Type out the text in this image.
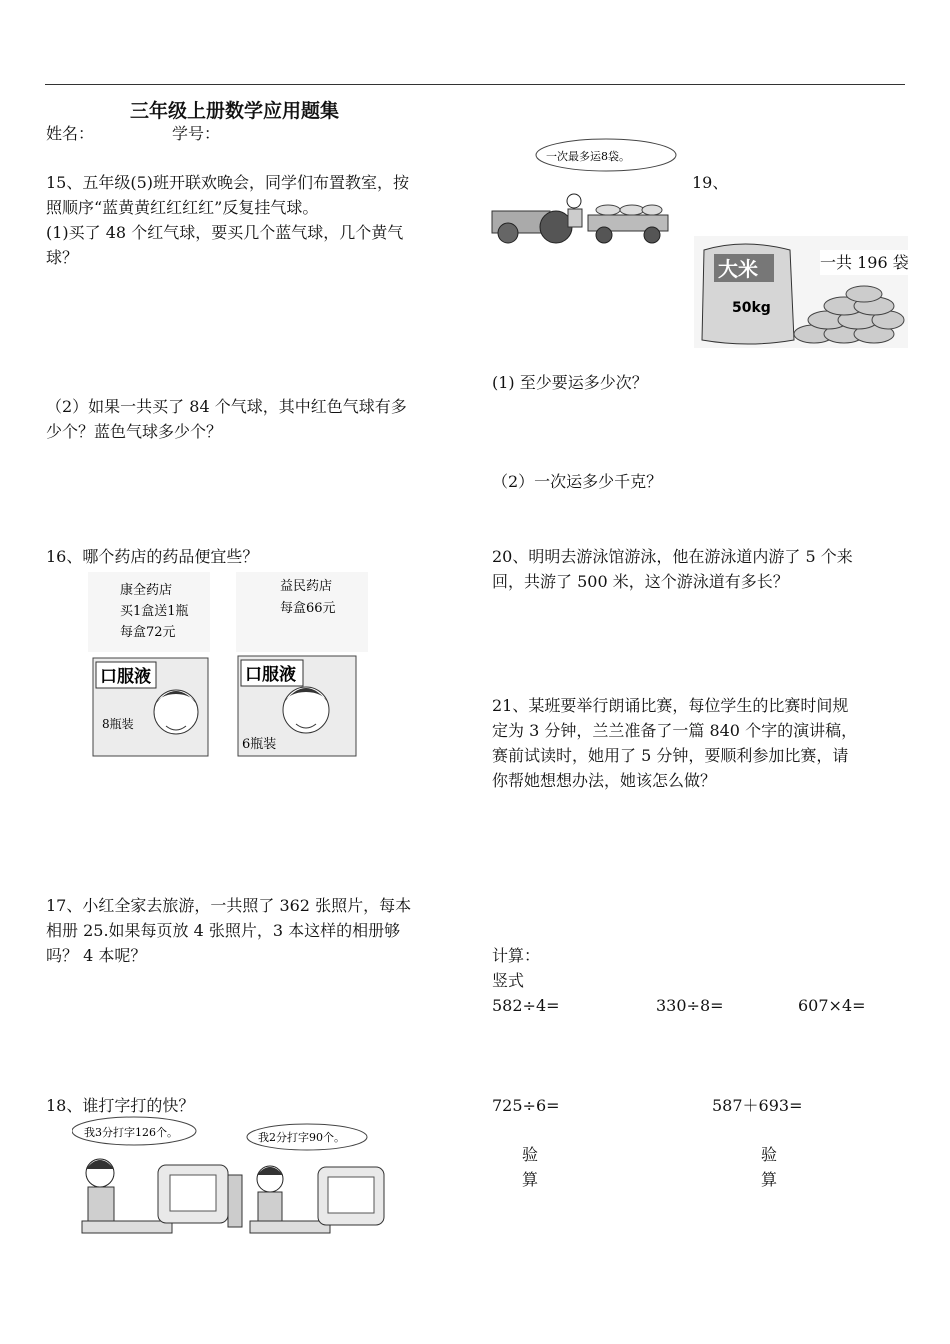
三年级上册数学应用题集
姓名：	学号：
15、五年级(5)班开联欢晚会，同学们布置教室，按
照顺序“蓝黄黄红红红红”反复挂气球。
(1)买了 48 个红气球，要买几个蓝气球，几个黄气
球？
（2）如果一共买了 84 个气球，其中红色气球有多
少个？蓝色气球多少个？
16、哪个药店的药品便宜些？
康全药店
买1盒送1瓶
每盒72元
益民药店
每盒66元
口服液
8瓶装
口服液
6瓶装
17、小红全家去旅游，一共照了 362 张照片，每本
相册 25.如果每页放 4 张照片，3 本这样的相册够
吗？ 4 本呢？
18、谁打字打的快？
我3分打字126个。	我2分打字90个。
一次最多运8袋。
19、
大米
50kg
一共 196 袋
(1) 至少要运多少次？
（2）一次运多少千克？
20、明明去游泳馆游泳，他在游泳道内游了 5 个来
回，共游了 500 米，这个游泳道有多长？
21、某班要举行朗诵比赛，每位学生的比赛时间规
定为 3 分钟，兰兰准备了一篇 840 个字的演讲稿，
赛前试读时，她用了 5 分钟，要顺利参加比赛，请
你帮她想想办法，她该怎么做？
计算：
竖式
582÷4=	330÷8=	607×4=
725÷6=	587＋693=
验
算
验
算
